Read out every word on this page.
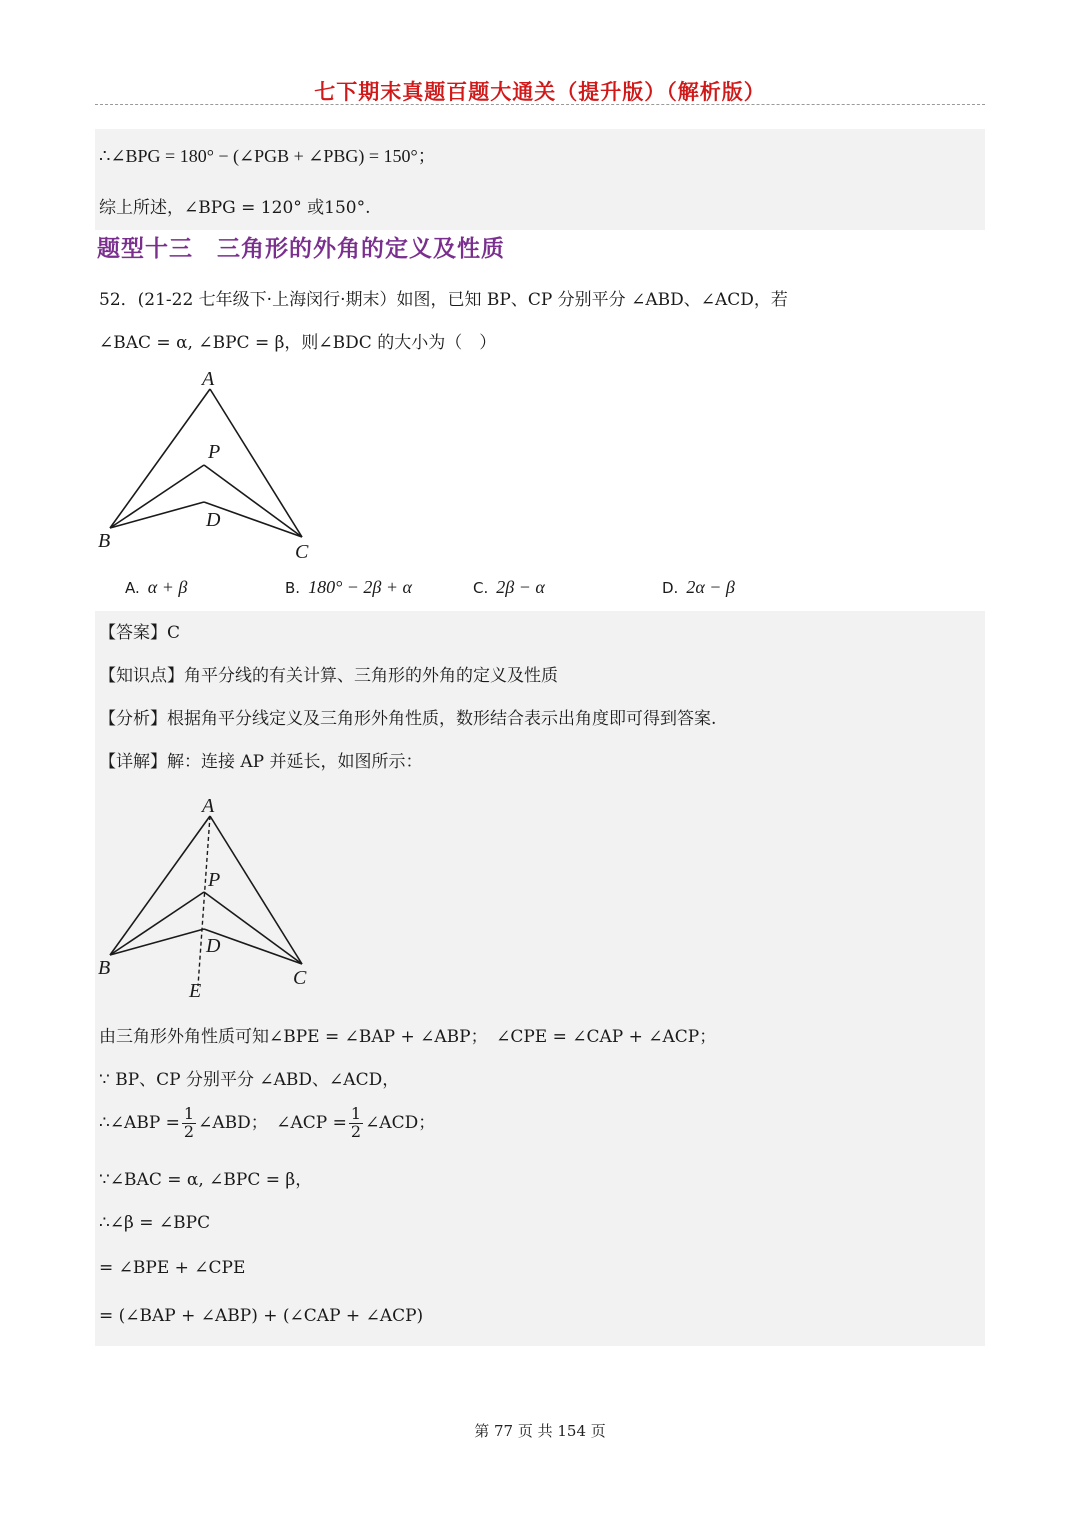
七下期末真题百题大通关（提升版）（解析版）
∴∠BPG = 180° − (∠PGB + ∠PBG) = 150°；
综上所述，∠BPG = 120° 或150°.
题型十三　三角形的外角的定义及性质
52．(21-22 七年级下·上海闵行·期末）如图，已知 BP、CP 分别平分 ∠ABD、∠ACD，若
∠BAC = α, ∠BPC = β，则∠BDC 的大小为（　）
A
P
D
B	C
A. α + β	B. 180° − 2β + α	C. 2β − α	D. 2α − β
【答案】C
【知识点】角平分线的有关计算、三角形的外角的定义及性质
【分析】根据角平分线定义及三角形外角性质，数形结合表示出角度即可得到答案.
【详解】解：连接 AP 并延长，如图所示：
A
P
D
B	C
E
由三角形外角性质可知∠BPE = ∠BAP + ∠ABP；　∠CPE = ∠CAP + ∠ACP；
∵ BP、CP 分别平分 ∠ABD、∠ACD，
∴∠ABP = $\frac{1}{2}$ ∠ABD；　∠ACP = $\frac{1}{2}$ ∠ACD；
∵∠BAC = α, ∠BPC = β，
∴∠β = ∠BPC
= ∠BPE + ∠CPE
= (∠BAP + ∠ABP) + (∠CAP + ∠ACP)
第 77 页 共 154 页
